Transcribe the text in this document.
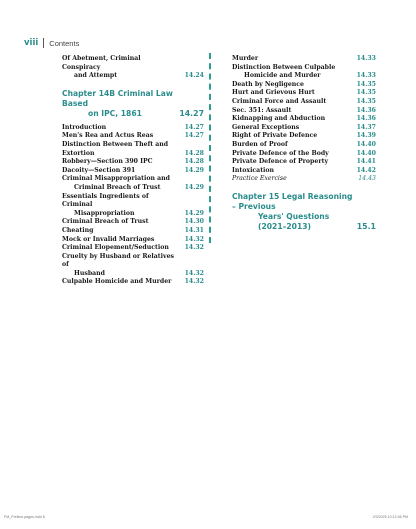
viii Contents
Of Abetment, Criminal Conspiracy
and Attempt	14.24
Chapter 14B Criminal Law Based
on IPC, 1861	14.27
Introduction	14.27
Men's Rea and Actus Reas	14.27
Distinction Between Theft and Extortion	14.28
Robbery—Section 390 IPC	14.28
Dacoity—Section 391	14.29
Criminal Misappropriation and
Criminal Breach of Trust	14.29
Essentials Ingredients of Criminal
Misappropriation	14.29
Criminal Breach of Trust	14.30
Cheating	14.31
Mock or Invalid Marriages	14.32
Criminal Elopement/Seduction	14.32
Cruelty by Husband or Relatives of
Husband	14.32
Culpable Homicide and Murder	14.32
Murder	14.33
Distinction Between Culpable
Homicide and Murder	14.33
Death by Negligence	14.35
Hurt and Grievous Hurt	14.35
Criminal Force and Assault	14.35
Sec. 351: Assault	14.36
Kidnapping and Abduction	14.36
General Exceptions	14.37
Right of Private Defence	14.39
Burden of Proof	14.40
Private Defence of the Body	14.40
Private Defence of Property	14.41
Intoxication	14.42
Practice Exercise	14.43
Chapter 15 Legal Reasoning – Previous
Years' Questions
(2021–2013)	15.1
FM_Prelims pages.indd 8	2/3/2025 10:12:46 PM
